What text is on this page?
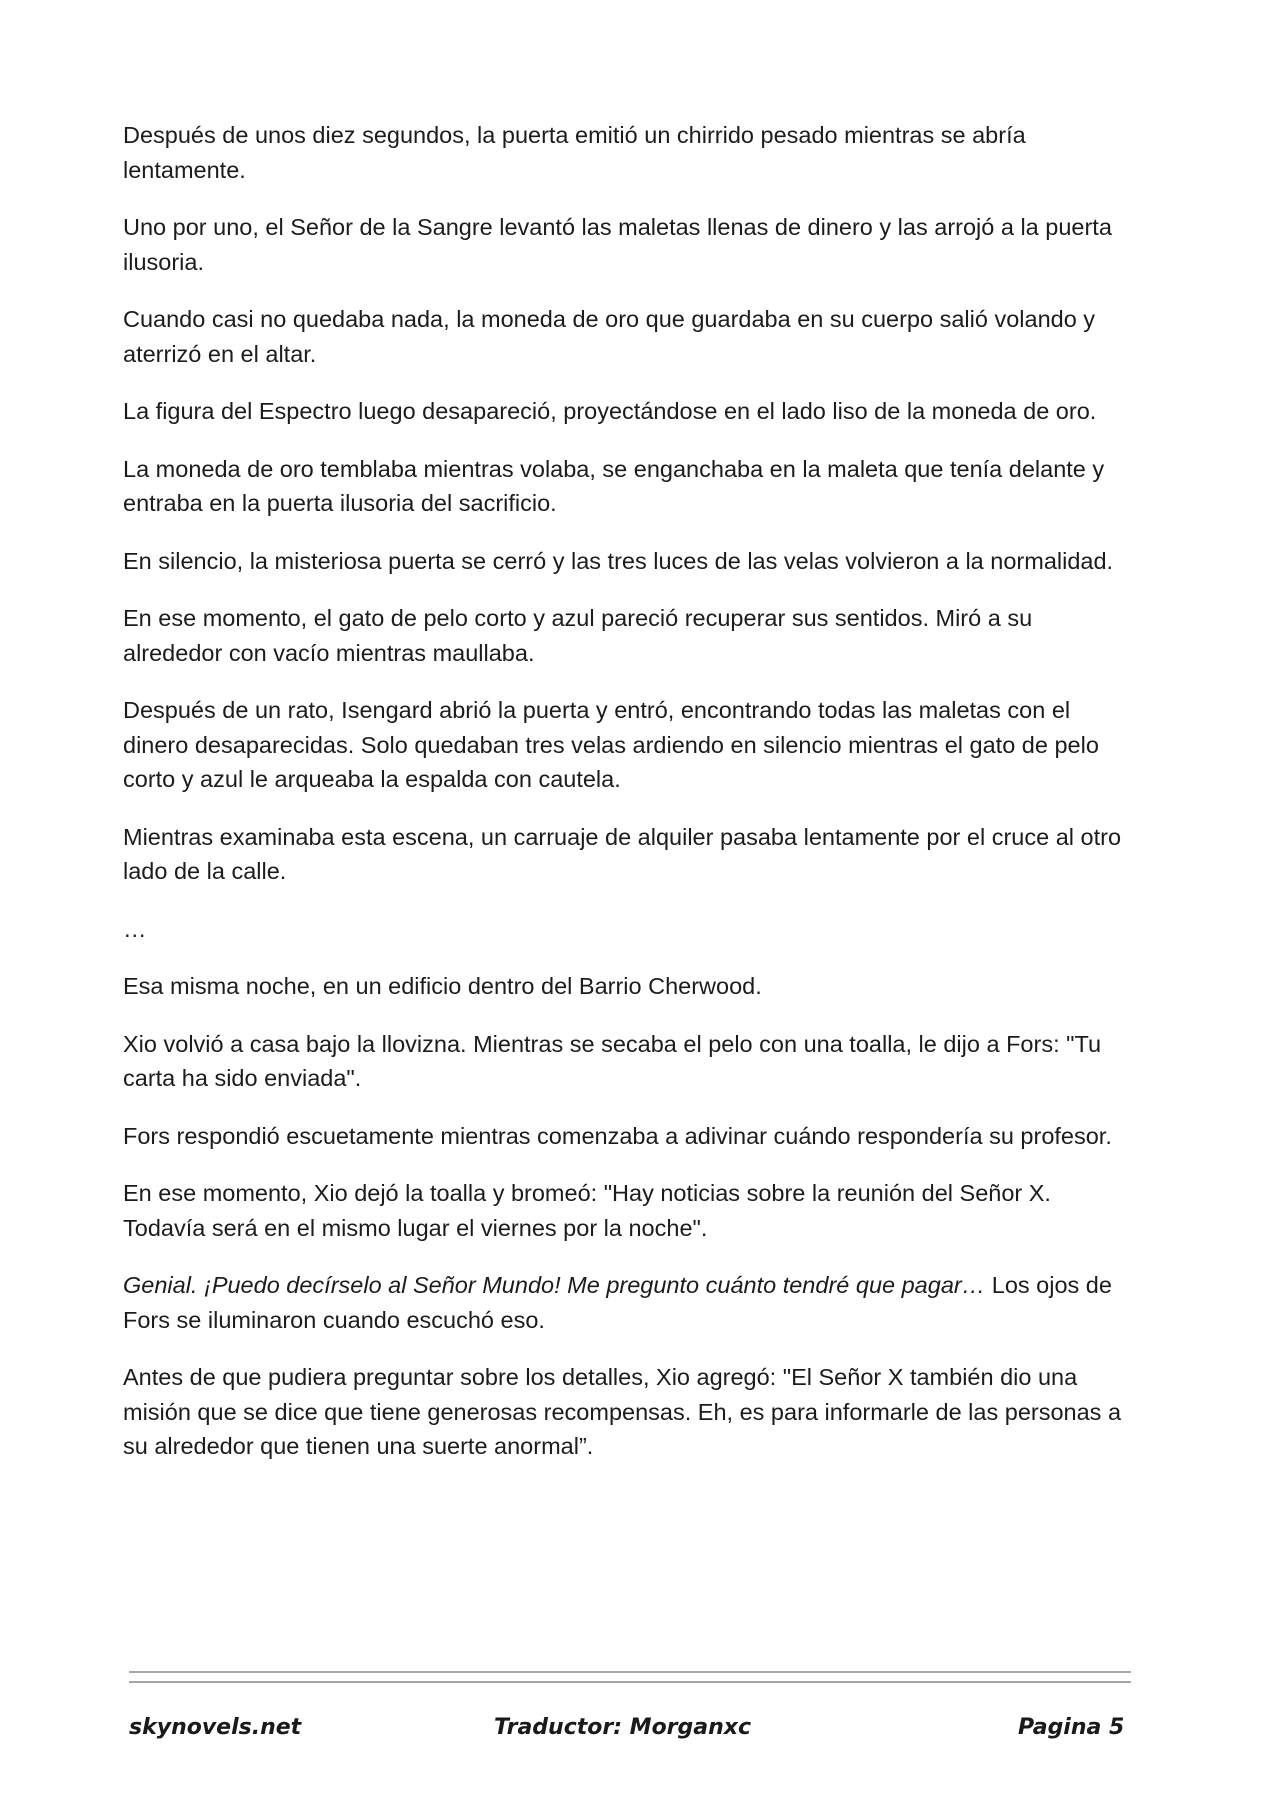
Después de unos diez segundos, la puerta emitió un chirrido pesado mientras se abría lentamente.

Uno por uno, el Señor de la Sangre levantó las maletas llenas de dinero y las arrojó a la puerta ilusoria.

Cuando casi no quedaba nada, la moneda de oro que guardaba en su cuerpo salió volando y aterrizó en el altar.

La figura del Espectro luego desapareció, proyectándose en el lado liso de la moneda de oro.

La moneda de oro temblaba mientras volaba, se enganchaba en la maleta que tenía delante y entraba en la puerta ilusoria del sacrificio.

En silencio, la misteriosa puerta se cerró y las tres luces de las velas volvieron a la normalidad.

En ese momento, el gato de pelo corto y azul pareció recuperar sus sentidos. Miró a su alrededor con vacío mientras maullaba.

Después de un rato, Isengard abrió la puerta y entró, encontrando todas las maletas con el dinero desaparecidas. Solo quedaban tres velas ardiendo en silencio mientras el gato de pelo corto y azul le arqueaba la espalda con cautela.

Mientras examinaba esta escena, un carruaje de alquiler pasaba lentamente por el cruce al otro lado de la calle.

…

Esa misma noche, en un edificio dentro del Barrio Cherwood.

Xio volvió a casa bajo la llovizna. Mientras se secaba el pelo con una toalla, le dijo a Fors: "Tu carta ha sido enviada".

Fors respondió escuetamente mientras comenzaba a adivinar cuándo respondería su profesor.

En ese momento, Xio dejó la toalla y bromeó: "Hay noticias sobre la reunión del Señor X. Todavía será en el mismo lugar el viernes por la noche".

Genial. ¡Puedo decírselo al Señor Mundo! Me pregunto cuánto tendré que pagar… Los ojos de Fors se iluminaron cuando escuchó eso.

Antes de que pudiera preguntar sobre los detalles, Xio agregó: "El Señor X también dio una misión que se dice que tiene generosas recompensas. Eh, es para informarle de las personas a su alrededor que tienen una suerte anormal”.

skynovels.net	Traductor: Morganxc	Pagina 5
